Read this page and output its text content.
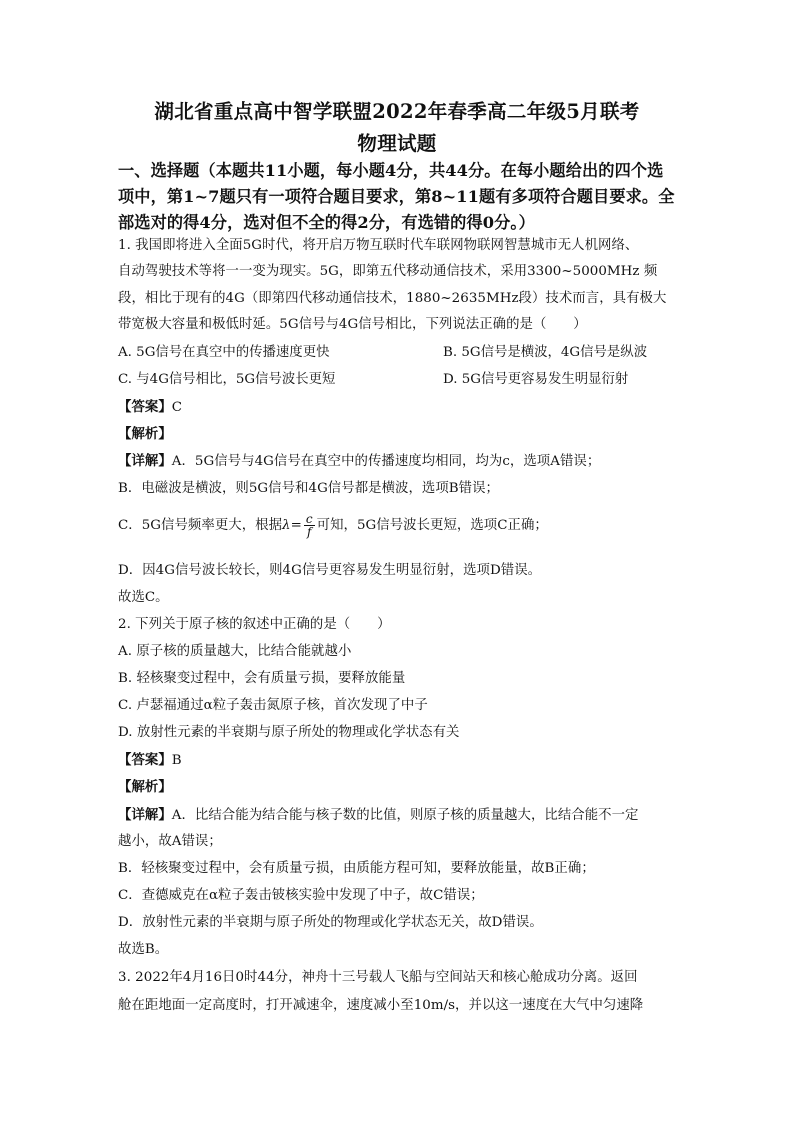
湖北省重点高中智学联盟2022年春季高二年级5月联考
物理试题
一、选择题（本题共11小题，每小题4分，共44分。在每小题给出的四个选
项中，第1~7题只有一项符合题目要求，第8~11题有多项符合题目要求。全
部选对的得4分，选对但不全的得2分，有选错的得0分。）
1. 我国即将进入全面5G时代，将开启万物互联时代车联网物联网智慧城市无人机网络、
自动驾驶技术等将一一变为现实。5G，即第五代移动通信技术，采用3300~5000MHz 频
段，相比于现有的4G（即第四代移动通信技术，1880~2635MHz段）技术而言，具有极大
带宽极大容量和极低时延。5G信号与4G信号相比，下列说法正确的是（　　）
A. 5G信号在真空中的传播速度更快	B. 5G信号是横波，4G信号是纵波
C. 与4G信号相比，5G信号波长更短	D. 5G信号更容易发生明显衍射
【答案】C
【解析】
【详解】A．5G信号与4G信号在真空中的传播速度均相同，均为c，选项A错误；
B．电磁波是横波，则5G信号和4G信号都是横波，选项B错误；
C．5G信号频率更大，根据$\lambda= \frac{c}{f}$ 可知，5G信号波长更短，选项C正确；
D．因4G信号波长较长，则4G信号更容易发生明显衍射，选项D错误。
故选C。
2. 下列关于原子核的叙述中正确的是（　　）
A. 原子核的质量越大，比结合能就越小
B. 轻核聚变过程中，会有质量亏损，要释放能量
C. 卢瑟福通过α粒子轰击氮原子核，首次发现了中子
D. 放射性元素的半衰期与原子所处的物理或化学状态有关
【答案】B
【解析】
【详解】A．比结合能为结合能与核子数的比值，则原子核的质量越大，比结合能不一定
越小，故A错误；
B．轻核聚变过程中，会有质量亏损，由质能方程可知，要释放能量，故B正确；
C．查德威克在α粒子轰击铍核实验中发现了中子，故C错误；
D．放射性元素的半衰期与原子所处的物理或化学状态无关，故D错误。
故选B。
3. 2022年4月16日0时44分，神舟十三号载人飞船与空间站天和核心舱成功分离。返回
舱在距地面一定高度时，打开减速伞，速度减小至10m/s，并以这一速度在大气中匀速降
